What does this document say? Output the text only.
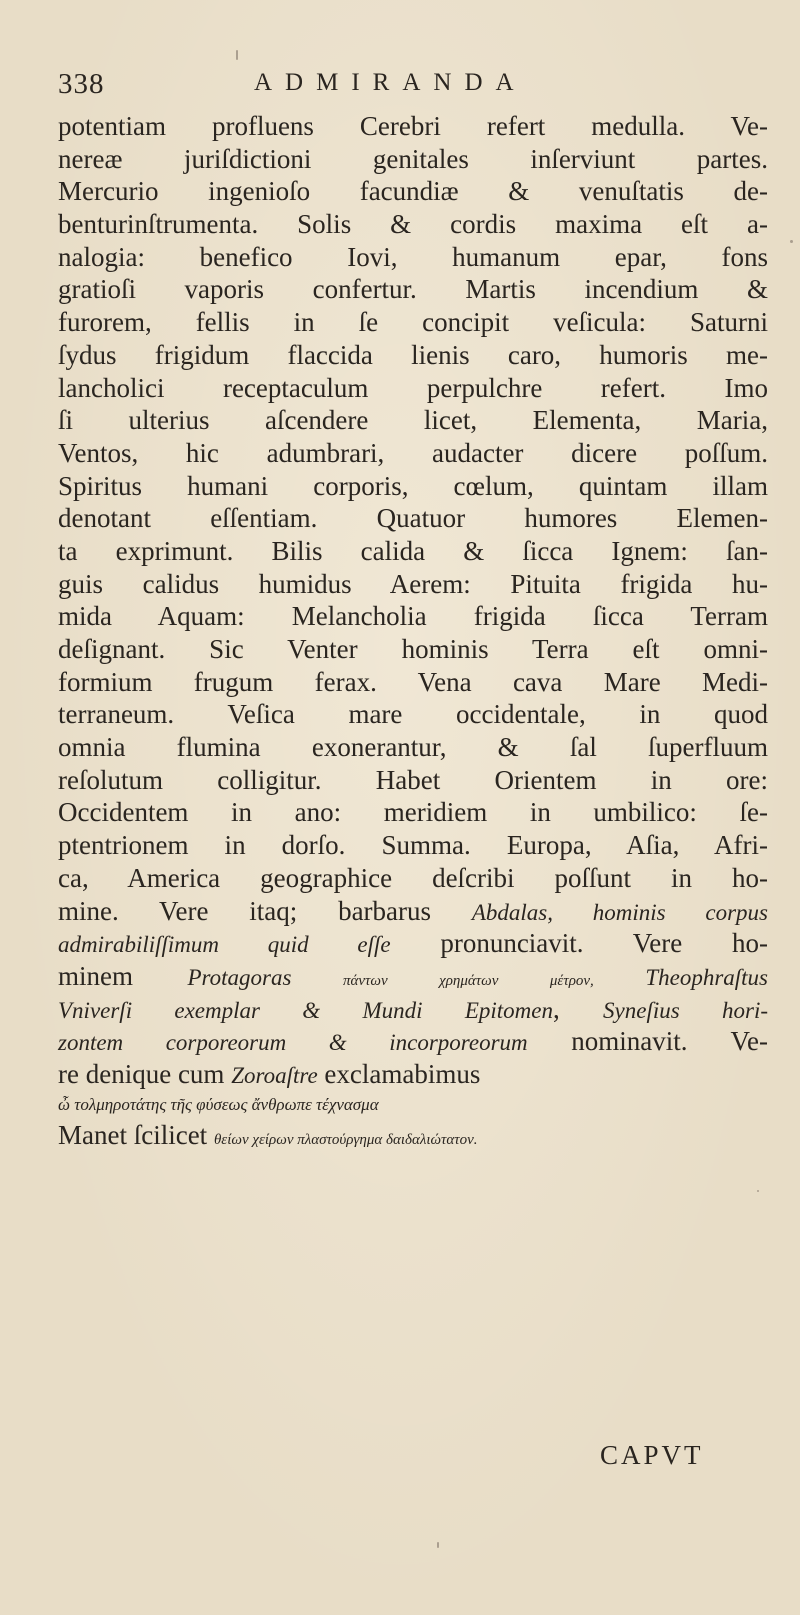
338	ADMIRANDA
potentiam profluens Cerebri refert medulla. Ve-
nereæ juriſdictioni genitales inſerviunt partes.
Mercurio ingenioſo facundiæ & venuſtatis de-
benturinſtrumenta. Solis & cordis maxima eſt a-
nalogia: benefico Iovi, humanum epar, fons
gratioſi vaporis confertur. Martis incendium &
furorem, fellis in ſe concipit veſicula: Saturni
ſydus frigidum flaccida lienis caro, humoris me-
lancholici receptaculum perpulchre refert. Imo
ſi ulterius aſcendere licet, Elementa, Maria,
Ventos, hic adumbrari, audacter dicere poſſum.
Spiritus humani corporis, cœlum, quintam illam
denotant eſſentiam. Quatuor humores Elemen-
ta exprimunt. Bilis calida & ſicca Ignem: ſan-
guis calidus humidus Aerem: Pituita frigida hu-
mida Aquam: Melancholia frigida ſicca Terram
deſignant. Sic Venter hominis Terra eſt omni-
formium frugum ferax. Vena cava Mare Medi-
terraneum. Veſica mare occidentale, in quod
omnia flumina exonerantur, & ſal ſuperfluum
reſolutum colligitur. Habet Orientem in ore:
Occidentem in ano: meridiem in umbilico: ſe-
ptentrionem in dorſo. Summa. Europa, Aſia, Afri-
ca, America geographice deſcribi poſſunt in ho-
mine. Vere itaq; barbarus Abdalas, hominis corpus
admirabiliſſimum quid eſſe pronunciavit. Vere ho-
minem Protagoras πάντων χρημάτων μέτρον, Theophraſtus
Vniverſi exemplar & Mundi Epitomen, Syneſius hori-
zontem corporeorum & incorporeorum nominavit. Ve-
re denique cum Zoroaſtre exclamabimus
ὦ τολμηροτάτης τῆς φύσεως ἄνθρωπε τέχνασμα
Manet ſcilicet θείων χείρων πλαστούργημα δαιδαλιώτατον.
CAPVT
